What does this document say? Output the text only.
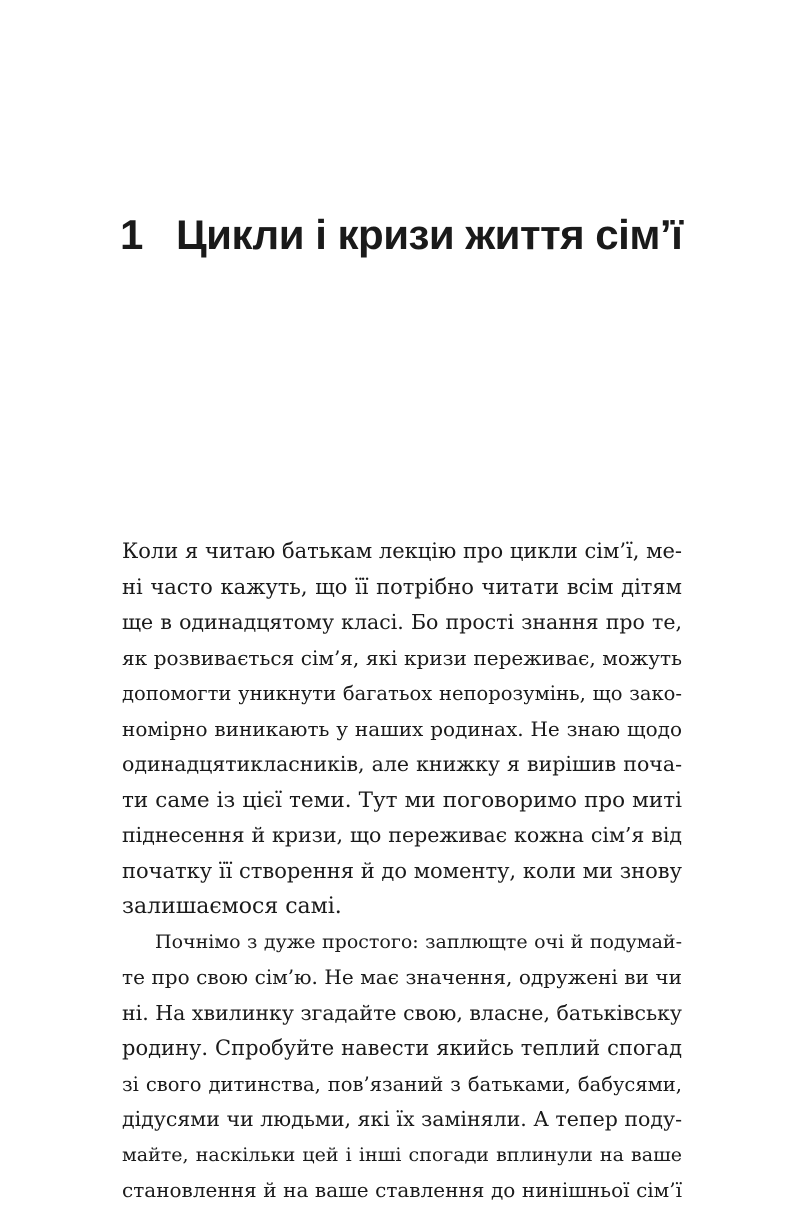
1 Цикли і кризи життя сім’ї
Коли я читаю батькам лекцію про цикли сім’ї, ме-
ні часто кажуть, що її потрібно читати всім дітям
ще в одинадцятому класі. Бо прості знання про те,
як розвивається сім’я, які кризи переживає, можуть
допомогти уникнути багатьох непорозумінь, що зако-
номірно виникають у наших родинах. Не знаю щодо
одинадцятикласників, але книжку я вирішив почa-
ти саме із цієї теми. Тут ми поговоримо про миті
піднесення й кризи, що переживає кожна сім’я від
початку її створення й до моменту, коли ми знову
залишаємося самі.
Почнімо з дуже простого: заплющте очі й подумай-
те про свою сім’ю. Не має значення, одружені ви чи
ні. На хвилинку згадайте свою, власне, батьківську
родину. Спробуйте навести якийсь теплий спогад
зі свого дитинства, пов’язаний з батьками, бабусями,
дідусями чи людьми, які їх заміняли. А тепер поду-
майте, наскільки цей і інші спогади вплинули на ваше
становлення й на ваше ставлення до нинішньої сім’ї
